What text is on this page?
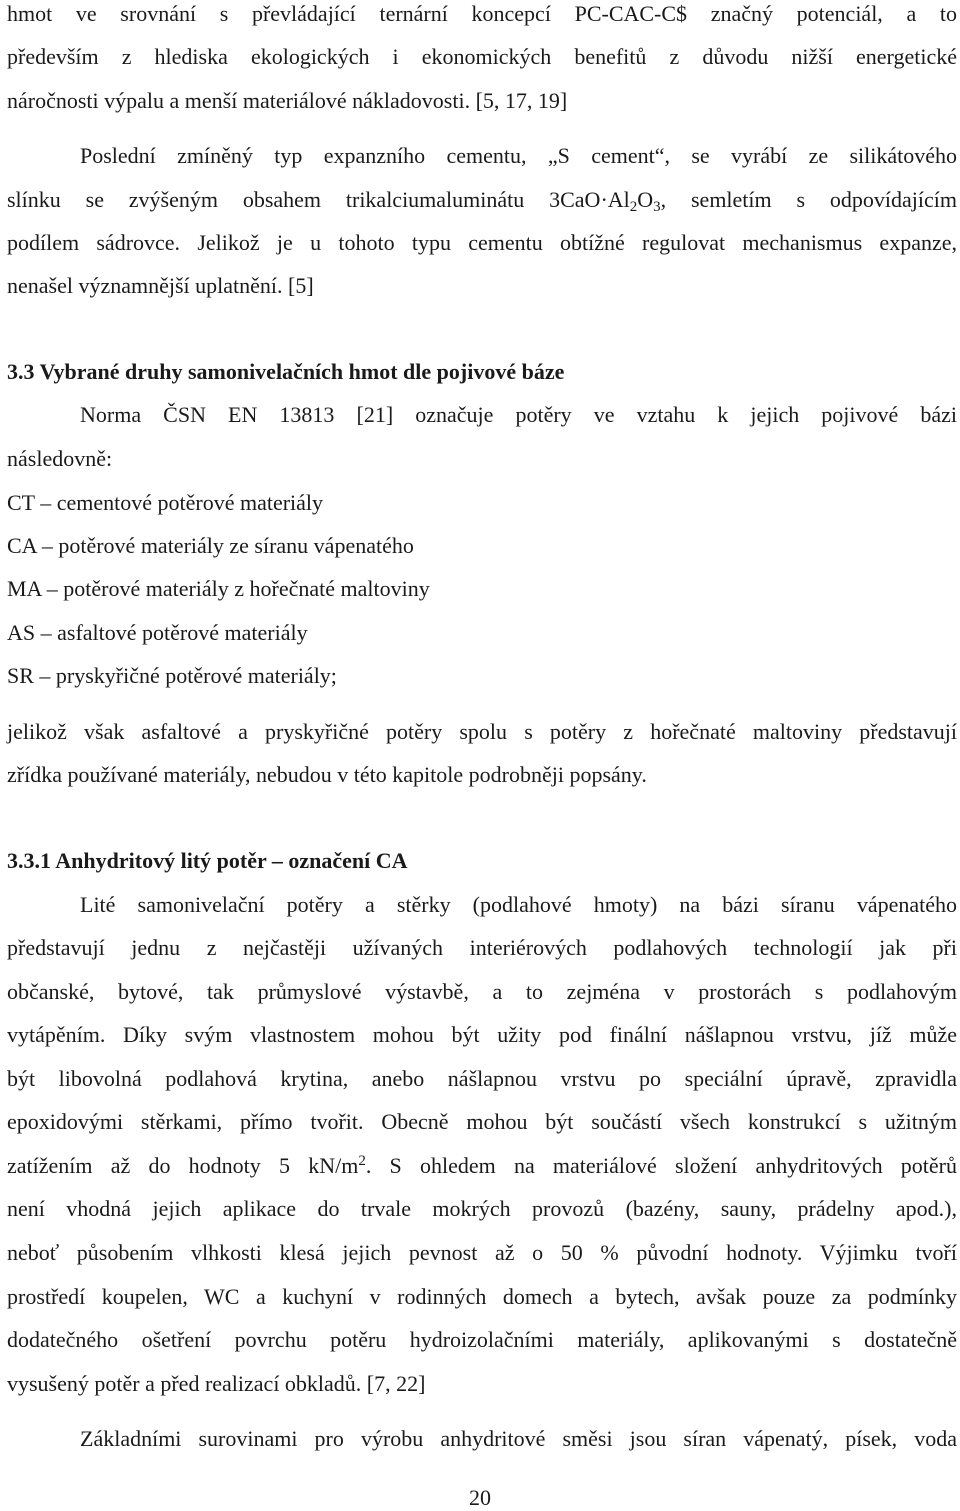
hmot ve srovnání s převládající ternární koncepcí PC-CAC-C$ značný potenciál, a to
především z hlediska ekologických i ekonomických benefitů z důvodu nižší energetické
náročnosti výpalu a menší materiálové nákladovosti. [5, 17, 19]
Poslední zmíněný typ expanzního cementu, „S cement“, se vyrábí ze silikátového
slínku se zvýšeným obsahem trikalciumaluminátu $3CaO\cdot Al_2O_3$, semletím s odpovídajícím
podílem sádrovce. Jelikož je u tohoto typu cementu obtížné regulovat mechanismus expanze,
nenašel významnější uplatnění. [5]
3.3 Vybrané druhy samonivelačních hmot dle pojivové báze
Norma ČSN EN 13813 [21] označuje potěry ve vztahu k jejich pojivové bázi
následovně:
CT – cementové potěrové materiály
CA – potěrové materiály ze síranu vápenatého
MA – potěrové materiály z hořečnaté maltoviny
AS – asfaltové potěrové materiály
SR – pryskyřičné potěrové materiály;
jelikož však asfaltové a pryskyřičné potěry spolu s potěry z hořečnaté maltoviny představují
zřídka používané materiály, nebudou v této kapitole podrobněji popsány.
3.3.1 Anhydritový litý potěr – označení CA
Lité samonivelační potěry a stěrky (podlahové hmoty) na bázi síranu vápenatého
představují jednu z nejčastěji užívaných interiérových podlahových technologií jak při
občanské, bytové, tak průmyslové výstavbě, a to zejména v prostorách s podlahovým
vytápěním. Díky svým vlastnostem mohou být užity pod finální nášlapnou vrstvu, jíž může
být libovolná podlahová krytina, anebo nášlapnou vrstvu po speciální úpravě, zpravidla
epoxidovými stěrkami, přímo tvořit. Obecně mohou být součástí všech konstrukcí s užitným
zatížením až do hodnoty 5 $kN/m^2$. S ohledem na materiálové složení anhydritových potěrů
není vhodná jejich aplikace do trvale mokrých provozů (bazény, sauny, prádelny apod.),
neboť působením vlhkosti klesá jejich pevnost až o 50 % původní hodnoty. Výjimku tvoří
prostředí koupelen, WC a kuchyní v rodinných domech a bytech, avšak pouze za podmínky
dodatečného ošetření povrchu potěru hydroizolačními materiály, aplikovanými s dostatečně
vysušený potěr a před realizací obkladů. [7, 22]
Základními surovinami pro výrobu anhydritové směsi jsou síran vápenatý, písek, voda
20
